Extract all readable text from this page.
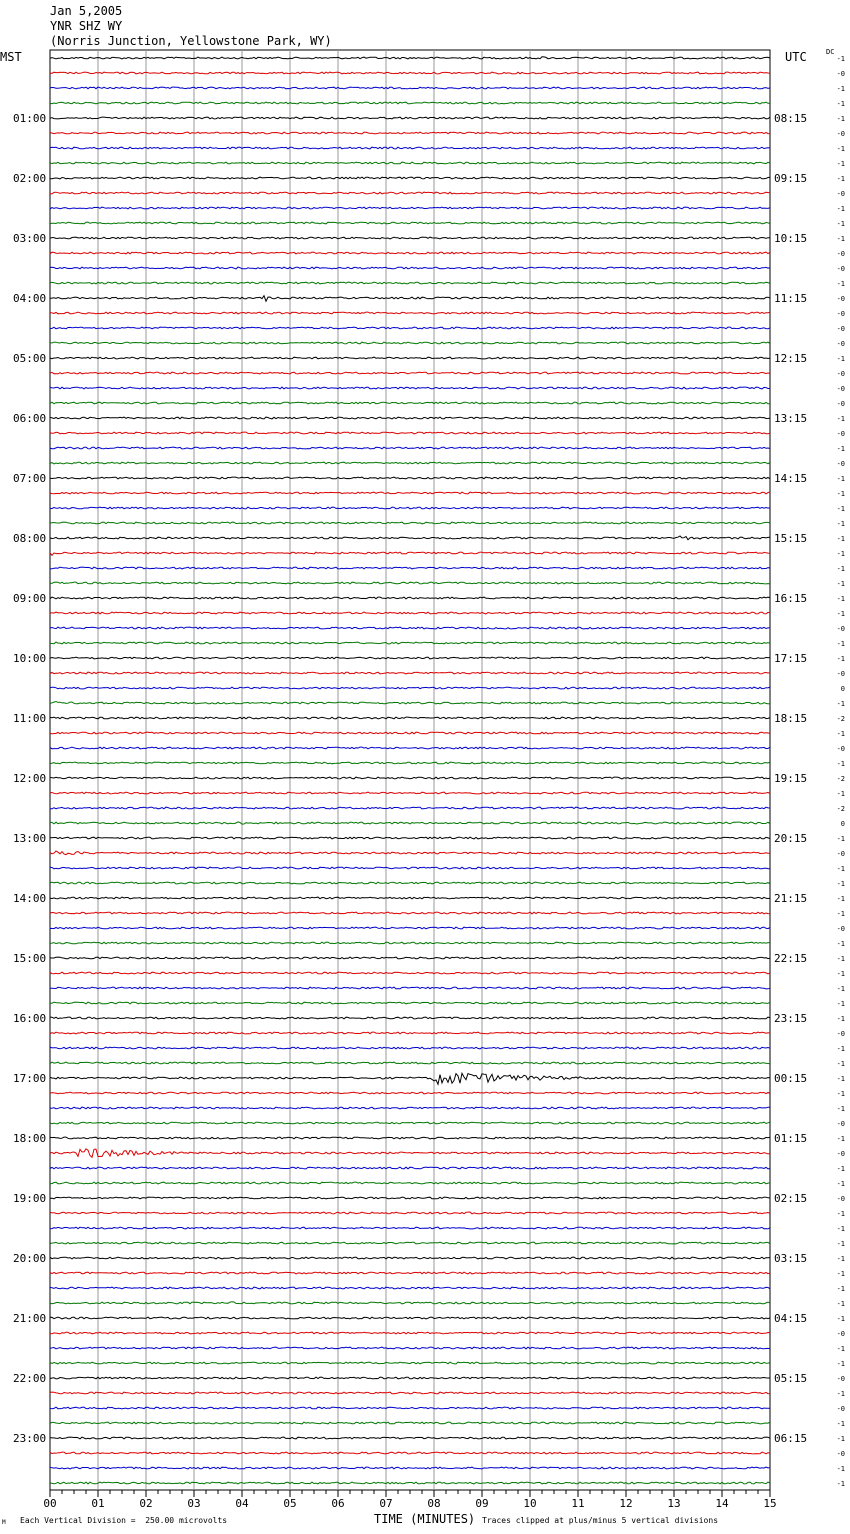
Jan 5,2005
YNR SHZ WY
(Norris Junction, Yellowstone Park, WY)
MST	UTC	DC
00	01	02	03	04	05	06	07	08	09	10	11	12	13	14	15
01:00
02:00
03:00
04:00
05:00
06:00
07:00
08:00
09:00
10:00
11:00
12:00
13:00
14:00
15:00
16:00
17:00
18:00
19:00
20:00
21:00
22:00
23:00
08:15
09:15
10:15
11:15
12:15
13:15
14:15
15:15
16:15
17:15
18:15
19:15
20:15
21:15
22:15
23:15
00:15
01:15
02:15
03:15
04:15
05:15
06:15
-1
-0
-1
-1
-1
-0
-1
-1
-1
-0
-1
-1
-1
-0
-0
-1
-0
-0
-0
-0
-1
-0
-0
-0
-1
-0
-1
-0
-1
-1
-1
-1
-1
-1
-1
-1
-1
-1
-0
-1
-1
-0
0
-1
-2
-1
-0
-1
-2
-1
-2
0
-1
-0
-1
-1
-1
-1
-0
-1
-1
-1
-1
-1
-1
-0
-1
-1
-1
-1
-1
-0
-1
-0
-1
-1
-0
-1
-1
-1
-1
-1
-1
-1
-1
-0
-1
-1
-0
-1
-0
-1
-1
-0
-1
-1
TIME (MINUTES)
Each Vertical Division =  250.00 microvolts	Traces clipped at plus/minus 5 vertical divisions
M
